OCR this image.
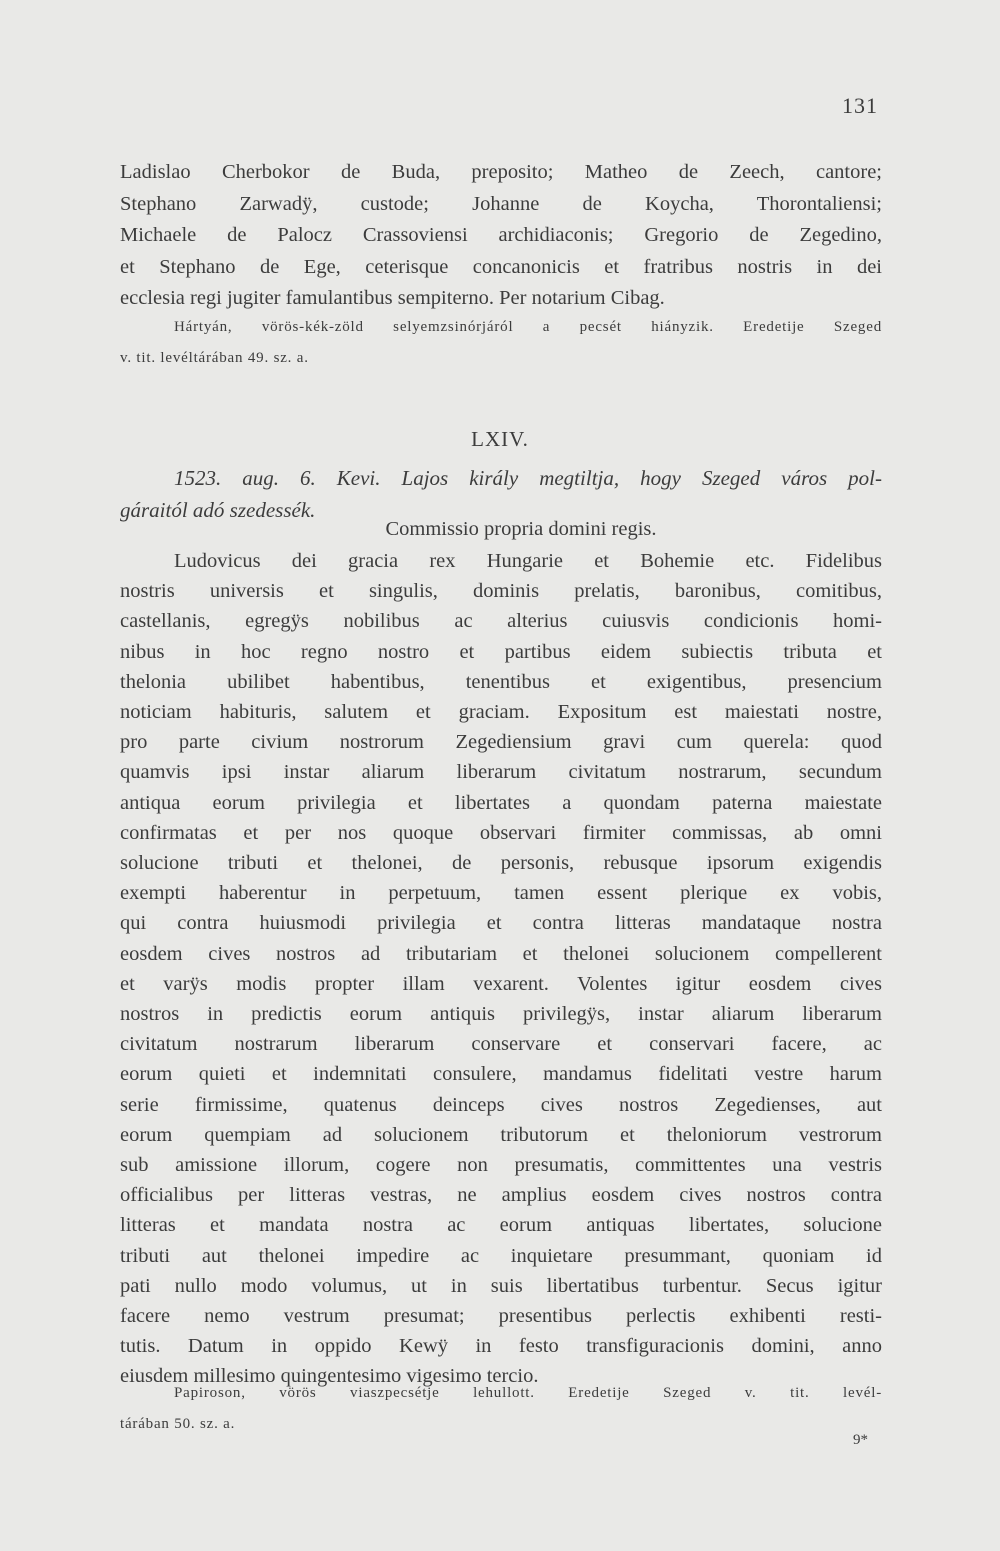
131
Ladislao Cherbokor de Buda, preposito; Matheo de Zeech, cantore;
Stephano Zarwadÿ, custode; Johanne de Koycha, Thorontaliensi;
Michaele de Palocz Crassoviensi archidiaconis; Gregorio de Zegedino,
et Stephano de Ege, ceterisque concanonicis et fratribus nostris in dei
ecclesia regi jugiter famulantibus sempiterno. Per notarium Cibag.
Hártyán, vörös-kék-zöld selyemzsinórjáról a pecsét hiányzik. Eredetije Szeged
v. tit. levéltárában 49. sz. a.
LXIV.
1523. aug. 6. Kevi. Lajos király megtiltja, hogy Szeged város pol-
gáraitól adó szedessék.
Commissio propria domini regis.
Ludovicus dei gracia rex Hungarie et Bohemie etc. Fidelibus
nostris universis et singulis, dominis prelatis, baronibus, comitibus,
castellanis, egregÿs nobilibus ac alterius cuiusvis condicionis homi-
nibus in hoc regno nostro et partibus eidem subiectis tributa et
thelonia ubilibet habentibus, tenentibus et exigentibus, presencium
noticiam habituris, salutem et graciam. Expositum est maiestati nostre,
pro parte civium nostrorum Zegediensium gravi cum querela: quod
quamvis ipsi instar aliarum liberarum civitatum nostrarum, secundum
antiqua eorum privilegia et libertates a quondam paterna maiestate
confirmatas et per nos quoque observari firmiter commissas, ab omni
solucione tributi et thelonei, de personis, rebusque ipsorum exigendis
exempti haberentur in perpetuum, tamen essent plerique ex vobis,
qui contra huiusmodi privilegia et contra litteras mandataque nostra
eosdem cives nostros ad tributariam et thelonei solucionem compellerent
et varÿs modis propter illam vexarent. Volentes igitur eosdem cives
nostros in predictis eorum antiquis privilegÿs, instar aliarum liberarum
civitatum nostrarum liberarum conservare et conservari facere, ac
eorum quieti et indemnitati consulere, mandamus fidelitati vestre harum
serie firmissime, quatenus deinceps cives nostros Zegedienses, aut
eorum quempiam ad solucionem tributorum et theloniorum vestrorum
sub amissione illorum, cogere non presumatis, committentes una vestris
officialibus per litteras vestras, ne amplius eosdem cives nostros contra
litteras et mandata nostra ac eorum antiquas libertates, solucione
tributi aut thelonei impedire ac inquietare presummant, quoniam id
pati nullo modo volumus, ut in suis libertatibus turbentur. Secus igitur
facere nemo vestrum presumat; presentibus perlectis exhibenti resti-
tutis. Datum in oppido Kewÿ in festo transfiguracionis domini, anno
eiusdem millesimo quingentesimo vigesimo tercio.
Papiroson, vörös viaszpecsétje lehullott. Eredetije Szeged v. tit. levél-
tárában 50. sz. a.
9*
